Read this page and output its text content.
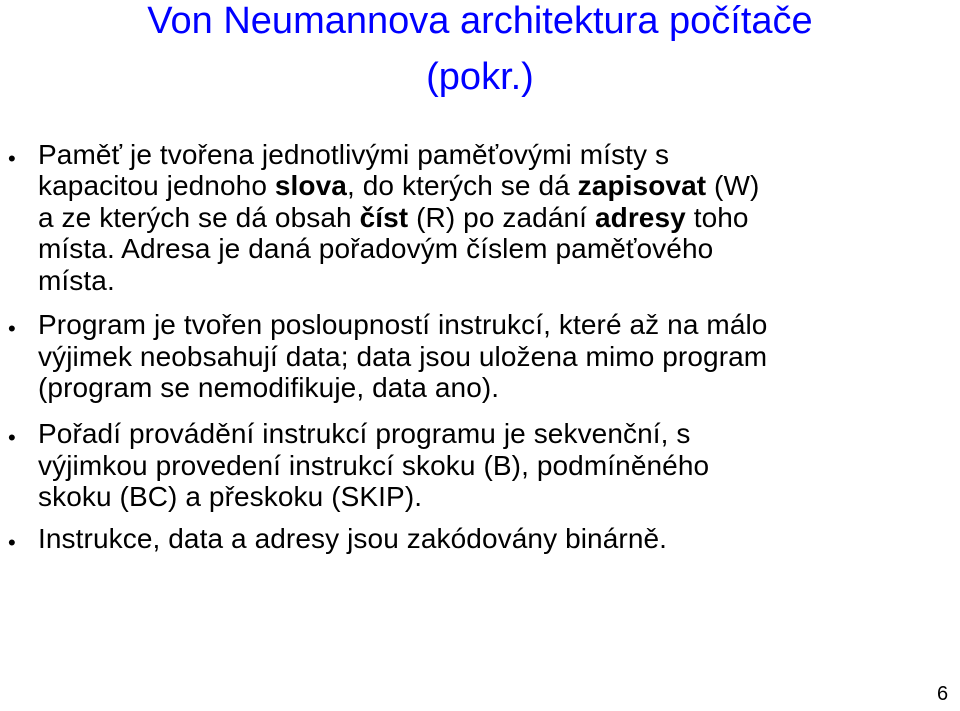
Von Neumannova architektura počítače
(pokr.)
• Paměť je tvořena jednotlivými paměťovými místy s
kapacitou jednoho slova, do kterých se dá zapisovat (W)
a ze kterých se dá obsah číst (R) po zadání adresy toho
místa. Adresa je daná pořadovým číslem paměťového
místa.
• Program je tvořen posloupností instrukcí, které až na málo
výjimek neobsahují data; data jsou uložena mimo program
(program se nemodifikuje, data ano).
• Pořadí provádění instrukcí programu je sekvenční, s
výjimkou provedení instrukcí skoku (B), podmíněného
skoku (BC) a přeskoku (SKIP).
• Instrukce, data a adresy jsou zakódovány binárně.
6
